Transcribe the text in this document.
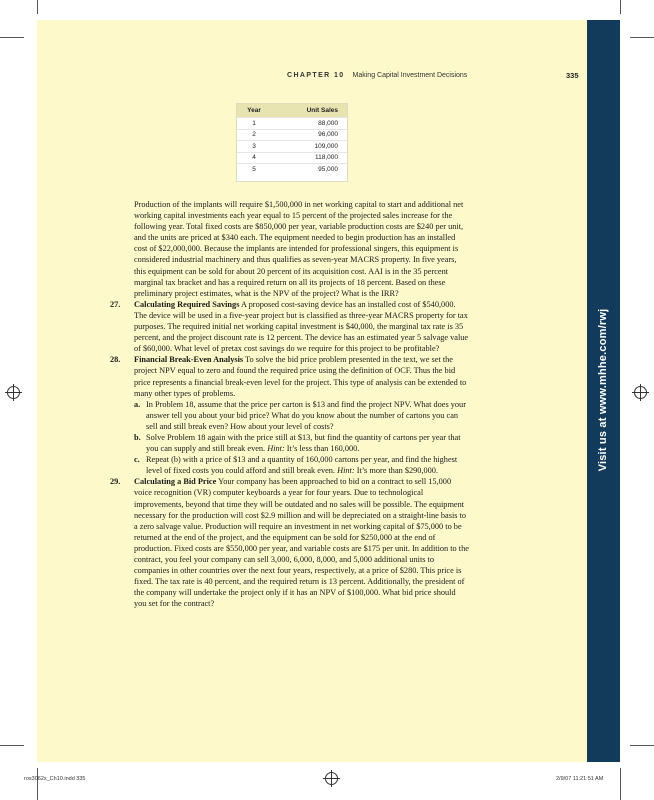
Visit us at www.mhhe.com/rwj
CHAPTER 10 Making Capital Investment Decisions	335
Year	Unit Sales
1	88,000
2	96,000
3	109,000
4	118,000
5	95,000

Production of the implants will require $1,500,000 in net working capital to start and additional net working capital investments each year equal to 15 percent of the projected sales increase for the following year. Total fixed costs are $850,000 per year, variable production costs are $240 per unit, and the units are priced at $340 each. The equipment needed to begin production has an installed cost of $22,000,000. Because the implants are intended for professional singers, this equipment is considered industrial machinery and thus qualifies as seven-year MACRS property. In five years, this equipment can be sold for about 20 percent of its acquisition cost. AAI is in the 35 percent marginal tax bracket and has a required return on all its projects of 18 percent. Based on these preliminary project estimates, what is the NPV of the project? What is the IRR?

27. Calculating Required Savings A proposed cost-saving device has an installed cost of $540,000. The device will be used in a five-year project but is classified as three-year MACRS property for tax purposes. The required initial net working capital investment is $40,000, the marginal tax rate is 35 percent, and the project discount rate is 12 percent. The device has an estimated year 5 salvage value of $60,000. What level of pretax cost savings do we require for this project to be profitable?
28. Financial Break-Even Analysis To solve the bid price problem presented in the text, we set the project NPV equal to zero and found the required price using the definition of OCF. Thus the bid price represents a financial break-even level for the project. This type of analysis can be extended to many other types of problems.
a. In Problem 18, assume that the price per carton is $13 and find the project NPV. What does your answer tell you about your bid price? What do you know about the number of cartons you can sell and still break even? How about your level of costs?
b. Solve Problem 18 again with the price still at $13, but find the quantity of cartons per year that you can supply and still break even. Hint: It’s less than 160,000.
c. Repeat (b) with a price of $13 and a quantity of 160,000 cartons per year, and find the highest level of fixed costs you could afford and still break even. Hint: It’s more than $290,000.
29. Calculating a Bid Price Your company has been approached to bid on a contract to sell 15,000 voice recognition (VR) computer keyboards a year for four years. Due to technological improvements, beyond that time they will be outdated and no sales will be possible. The equipment necessary for the production will cost $2.9 million and will be depreciated on a straight-line basis to a zero salvage value. Production will require an investment in net working capital of $75,000 to be returned at the end of the project, and the equipment can be sold for $250,000 at the end of production. Fixed costs are $550,000 per year, and variable costs are $175 per unit. In addition to the contract, you feel your company can sell 3,000, 6,000, 8,000, and 5,000 additional units to companies in other countries over the next four years, respectively, at a price of $280. This price is fixed. The tax rate is 40 percent, and the required return is 13 percent. Additionally, the president of the company will undertake the project only if it has an NPV of $100,000. What bid price should you set for the contract?
ros3062x_Ch10.indd 335	2/9/07 11:21:51 AM
